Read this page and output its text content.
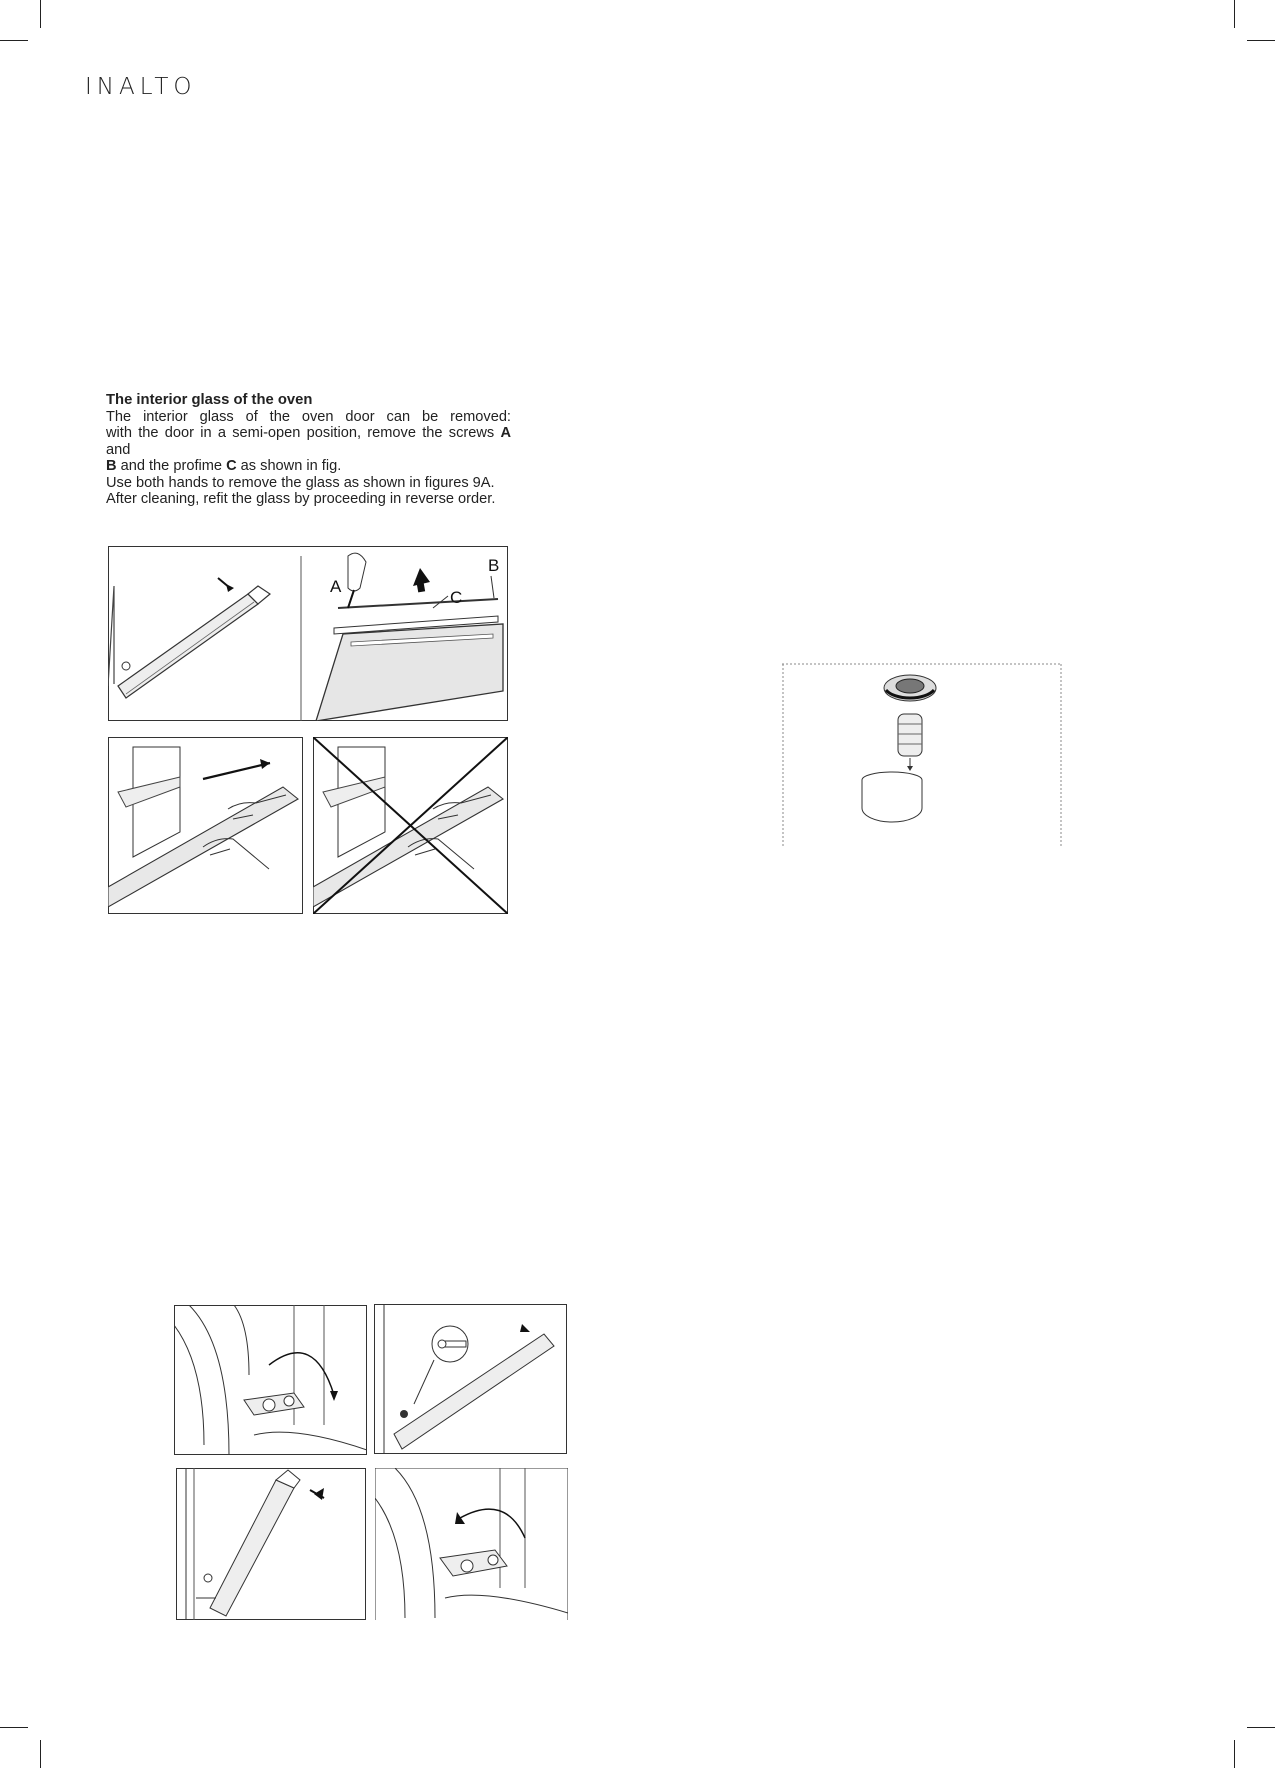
INALTO
The interior glass of the oven

The interior glass of the oven door can be removed:

with the door in a semi-open position, remove the screws A and

B and the profime C as shown in fig.

Use both hands to remove the glass as shown in figures 9A.

After cleaning, refit the glass by proceeding in reverse order.

A
B
C
